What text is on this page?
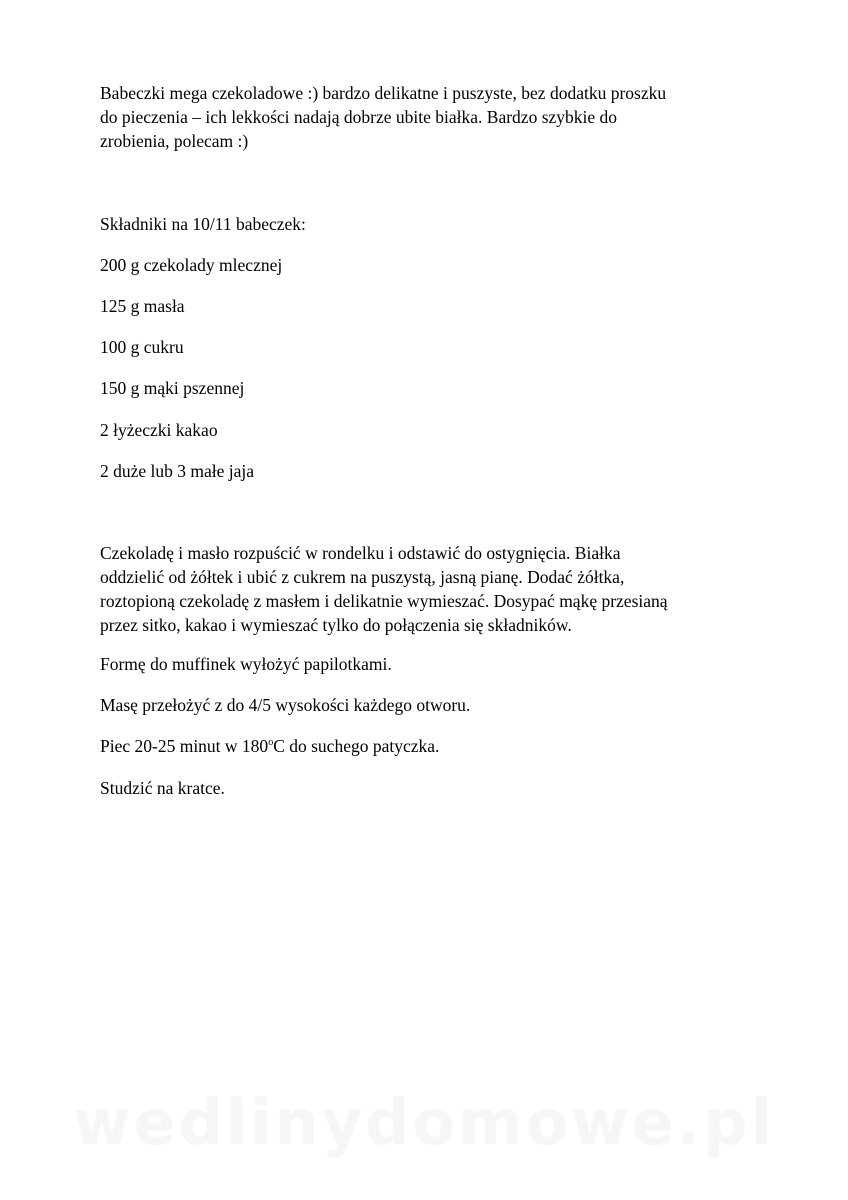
Babeczki mega czekoladowe :) bardzo delikatne i puszyste, bez dodatku proszku
do pieczenia – ich lekkości nadają dobrze ubite białka. Bardzo szybkie do
zrobienia, polecam :)

Składniki na 10/11 babeczek:

200 g czekolady mlecznej

125 g masła

100 g cukru

150 g mąki pszennej

2 łyżeczki kakao

2 duże lub 3 małe jaja

Czekoladę i masło rozpuścić w rondelku i odstawić do ostygnięcia. Białka
oddzielić od żółtek i ubić z cukrem na puszystą, jasną pianę. Dodać żółtka,
roztopioną czekoladę z masłem i delikatnie wymieszać. Dosypać mąkę przesianą
przez sitko, kakao i wymieszać tylko do połączenia się składników.

Formę do muffinek wyłożyć papilotkami.

Masę przełożyć z do 4/5 wysokości każdego otworu.

Piec 20-25 minut w 180$^o$C do suchego patyczka.

Studzić na kratce.

wedlinydomowe.pl
